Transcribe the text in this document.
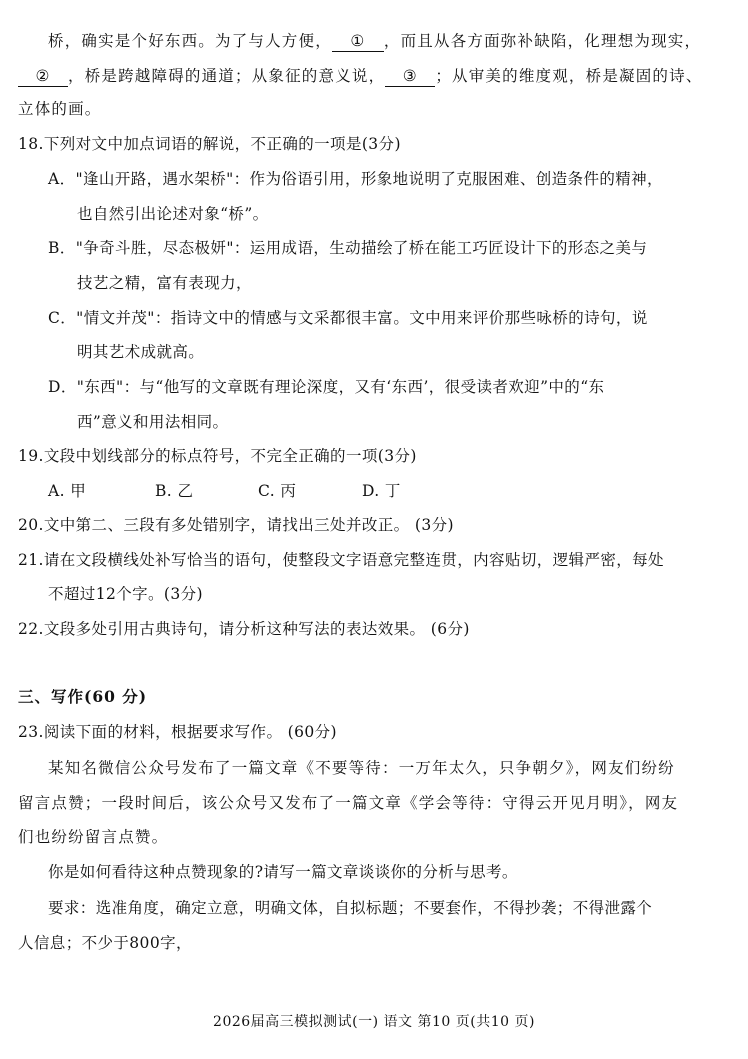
桥，确实是个好东西。为了与人方便， ① ，而且从各方面弥补缺陷，化理想为现实，
② ，桥是跨越障碍的通道；从象征的意义说， ③ ；从审美的维度观，桥是凝固的诗、
立体的画。
18.下列对文中加点词语的解说，不正确的一项是(3分)
A．"逢山开路，遇水架桥"：作为俗语引用，形象地说明了克服困难、创造条件的精神，
也自然引出论述对象“桥”。
B．"争奇斗胜，尽态极妍"：运用成语，生动描绘了桥在能工巧匠设计下的形态之美与
技艺之精，富有表现力，
C．"情文并茂"：指诗文中的情感与文采都很丰富。文中用来评价那些咏桥的诗句，说
明其艺术成就高。
D．"东西"：与“他写的文章既有理论深度，又有‘东西’，很受读者欢迎”中的“东
西”意义和用法相同。
19.文段中划线部分的标点符号，不完全正确的一项(3分)
A. 甲	B. 乙	C. 丙	D. 丁
20.文中第二、三段有多处错别字，请找出三处并改正。 (3分)
21.请在文段横线处补写恰当的语句，使整段文字语意完整连贯，内容贴切，逻辑严密，每处
不超过12个字。(3分)
22.文段多处引用古典诗句，请分析这种写法的表达效果。 (6分)
三、写作(60 分)
23.阅读下面的材料，根据要求写作。 (60分)
某知名微信公众号发布了一篇文章《不要等待：一万年太久，只争朝夕》，网友们纷纷
留言点赞；一段时间后，该公众号又发布了一篇文章《学会等待：守得云开见月明》，网友
们也纷纷留言点赞。
你是如何看待这种点赞现象的?请写一篇文章谈谈你的分析与思考。
要求：选准角度，确定立意，明确文体，自拟标题；不要套作，不得抄袭；不得泄露个
人信息；不少于800字，
2026届高三模拟测试(一) 语文 第10 页(共10 页)
